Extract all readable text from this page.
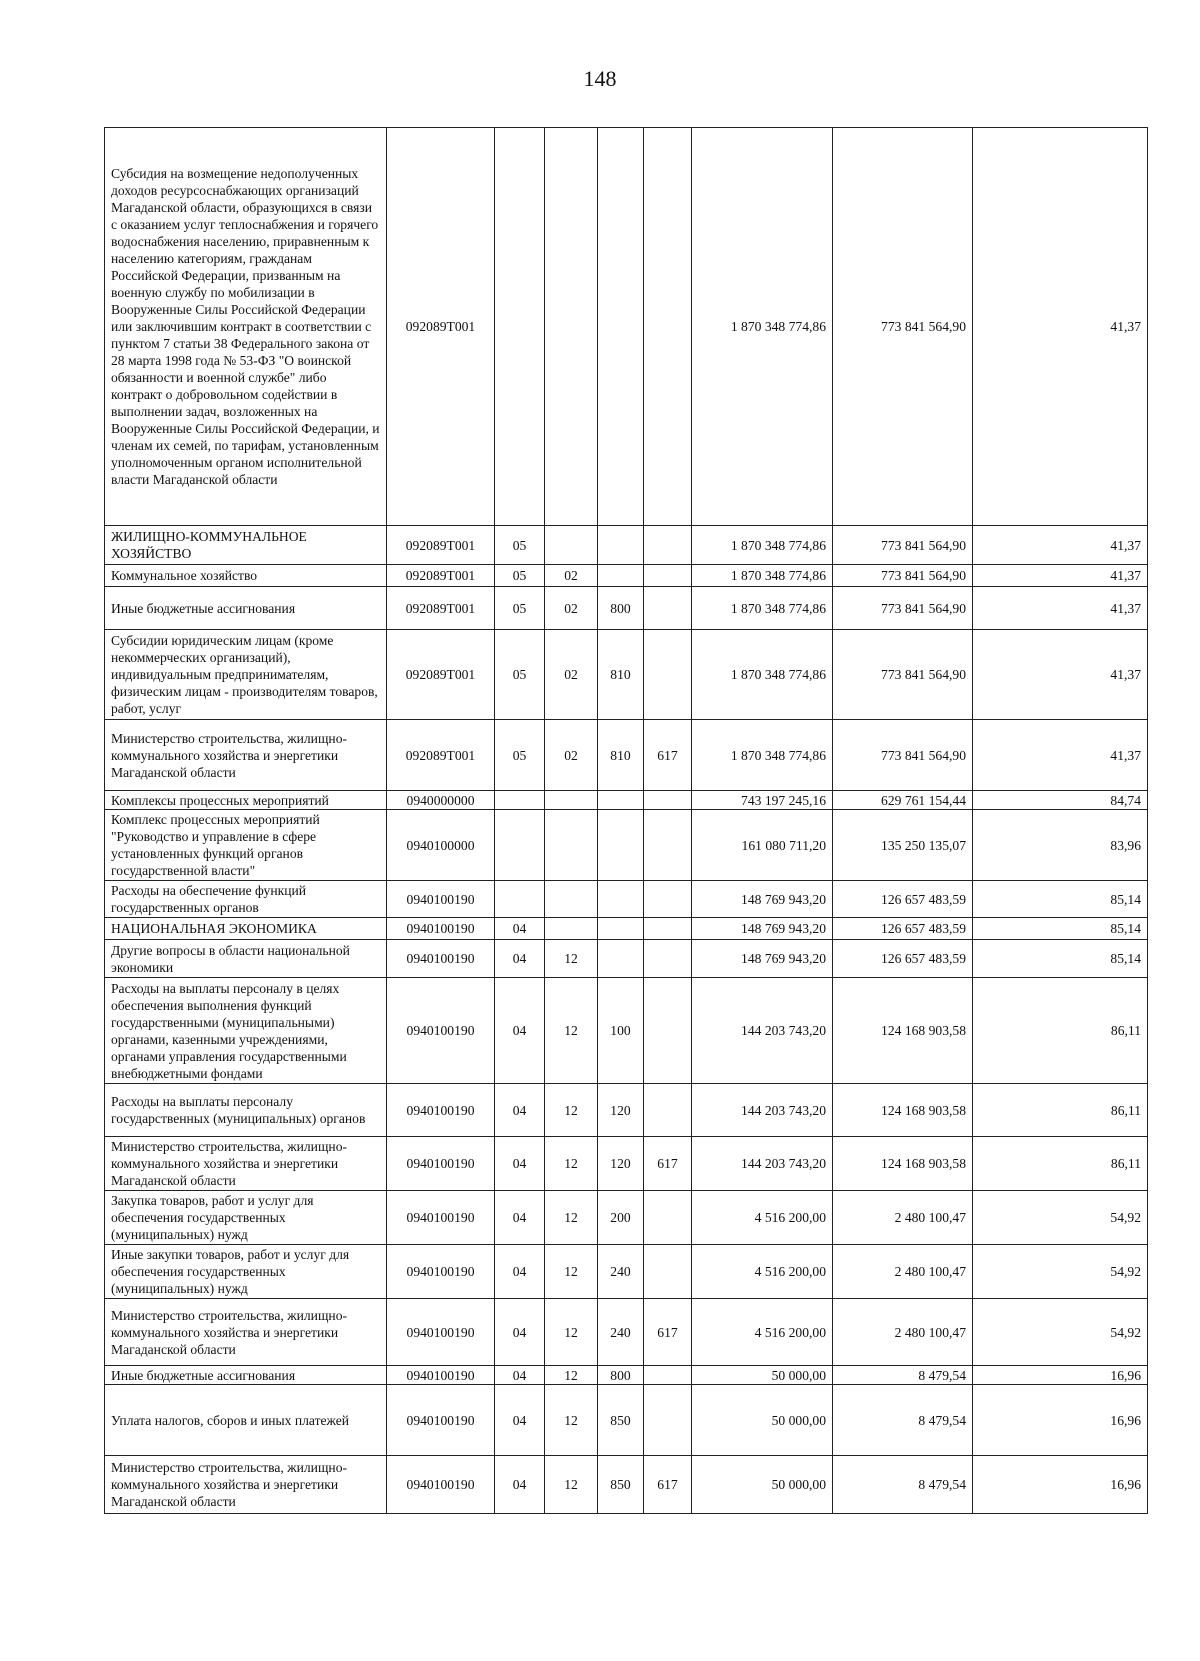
148
Субсидия на возмещение недополученных доходов ресурсоснабжающих организаций Магаданской области, образующихся в связи с оказанием услуг теплоснабжения и горячего водоснабжения населению, приравненным к населению категориям, гражданам Российской Федерации, призванным на военную службу по мобилизации в Вооруженные Силы Российской Федерации или заключившим контракт в соответствии с пунктом 7 статьи 38 Федерального закона от 28 марта 1998 года № 53-ФЗ "О воинской обязанности и военной службе" либо контракт о добровольном содействии в выполнении задач, возложенных на Вооруженные Силы Российской Федерации, и членам их семей, по тарифам, установленным уполномоченным органом исполнительной власти Магаданской области	092089Т001					1 870 348 774,86	773 841 564,90	41,37
ЖИЛИЩНО-КОММУНАЛЬНОЕ ХОЗЯЙСТВО	092089Т001	05				1 870 348 774,86	773 841 564,90	41,37
Коммунальное хозяйство	092089Т001	05	02			1 870 348 774,86	773 841 564,90	41,37
Иные бюджетные ассигнования	092089Т001	05	02	800		1 870 348 774,86	773 841 564,90	41,37
Субсидии юридическим лицам (кроме некоммерческих организаций), индивидуальным предпринимателям, физическим лицам - производителям товаров, работ, услуг	092089Т001	05	02	810		1 870 348 774,86	773 841 564,90	41,37
Министерство строительства, жилищно-коммунального хозяйства и энергетики Магаданской области	092089Т001	05	02	810	617	1 870 348 774,86	773 841 564,90	41,37
Комплексы процессных мероприятий	0940000000					743 197 245,16	629 761 154,44	84,74
Комплекс процессных мероприятий "Руководство и управление в сфере установленных функций органов государственной власти"	0940100000					161 080 711,20	135 250 135,07	83,96
Расходы на обеспечение функций государственных органов	0940100190					148 769 943,20	126 657 483,59	85,14
НАЦИОНАЛЬНАЯ ЭКОНОМИКА	0940100190	04				148 769 943,20	126 657 483,59	85,14
Другие вопросы в области национальной экономики	0940100190	04	12			148 769 943,20	126 657 483,59	85,14
Расходы на выплаты персоналу в целях обеспечения выполнения функций государственными (муниципальными) органами, казенными учреждениями, органами управления государственными внебюджетными фондами	0940100190	04	12	100		144 203 743,20	124 168 903,58	86,11
Расходы на выплаты персоналу государственных (муниципальных) органов	0940100190	04	12	120		144 203 743,20	124 168 903,58	86,11
Министерство строительства, жилищно-коммунального хозяйства и энергетики Магаданской области	0940100190	04	12	120	617	144 203 743,20	124 168 903,58	86,11
Закупка товаров, работ и услуг для обеспечения государственных (муниципальных) нужд	0940100190	04	12	200		4 516 200,00	2 480 100,47	54,92
Иные закупки товаров, работ и услуг для обеспечения государственных (муниципальных) нужд	0940100190	04	12	240		4 516 200,00	2 480 100,47	54,92
Министерство строительства, жилищно-коммунального хозяйства и энергетики Магаданской области	0940100190	04	12	240	617	4 516 200,00	2 480 100,47	54,92
Иные бюджетные ассигнования	0940100190	04	12	800		50 000,00	8 479,54	16,96
Уплата налогов, сборов и иных платежей	0940100190	04	12	850		50 000,00	8 479,54	16,96
Министерство строительства, жилищно-коммунального хозяйства и энергетики Магаданской области	0940100190	04	12	850	617	50 000,00	8 479,54	16,96
